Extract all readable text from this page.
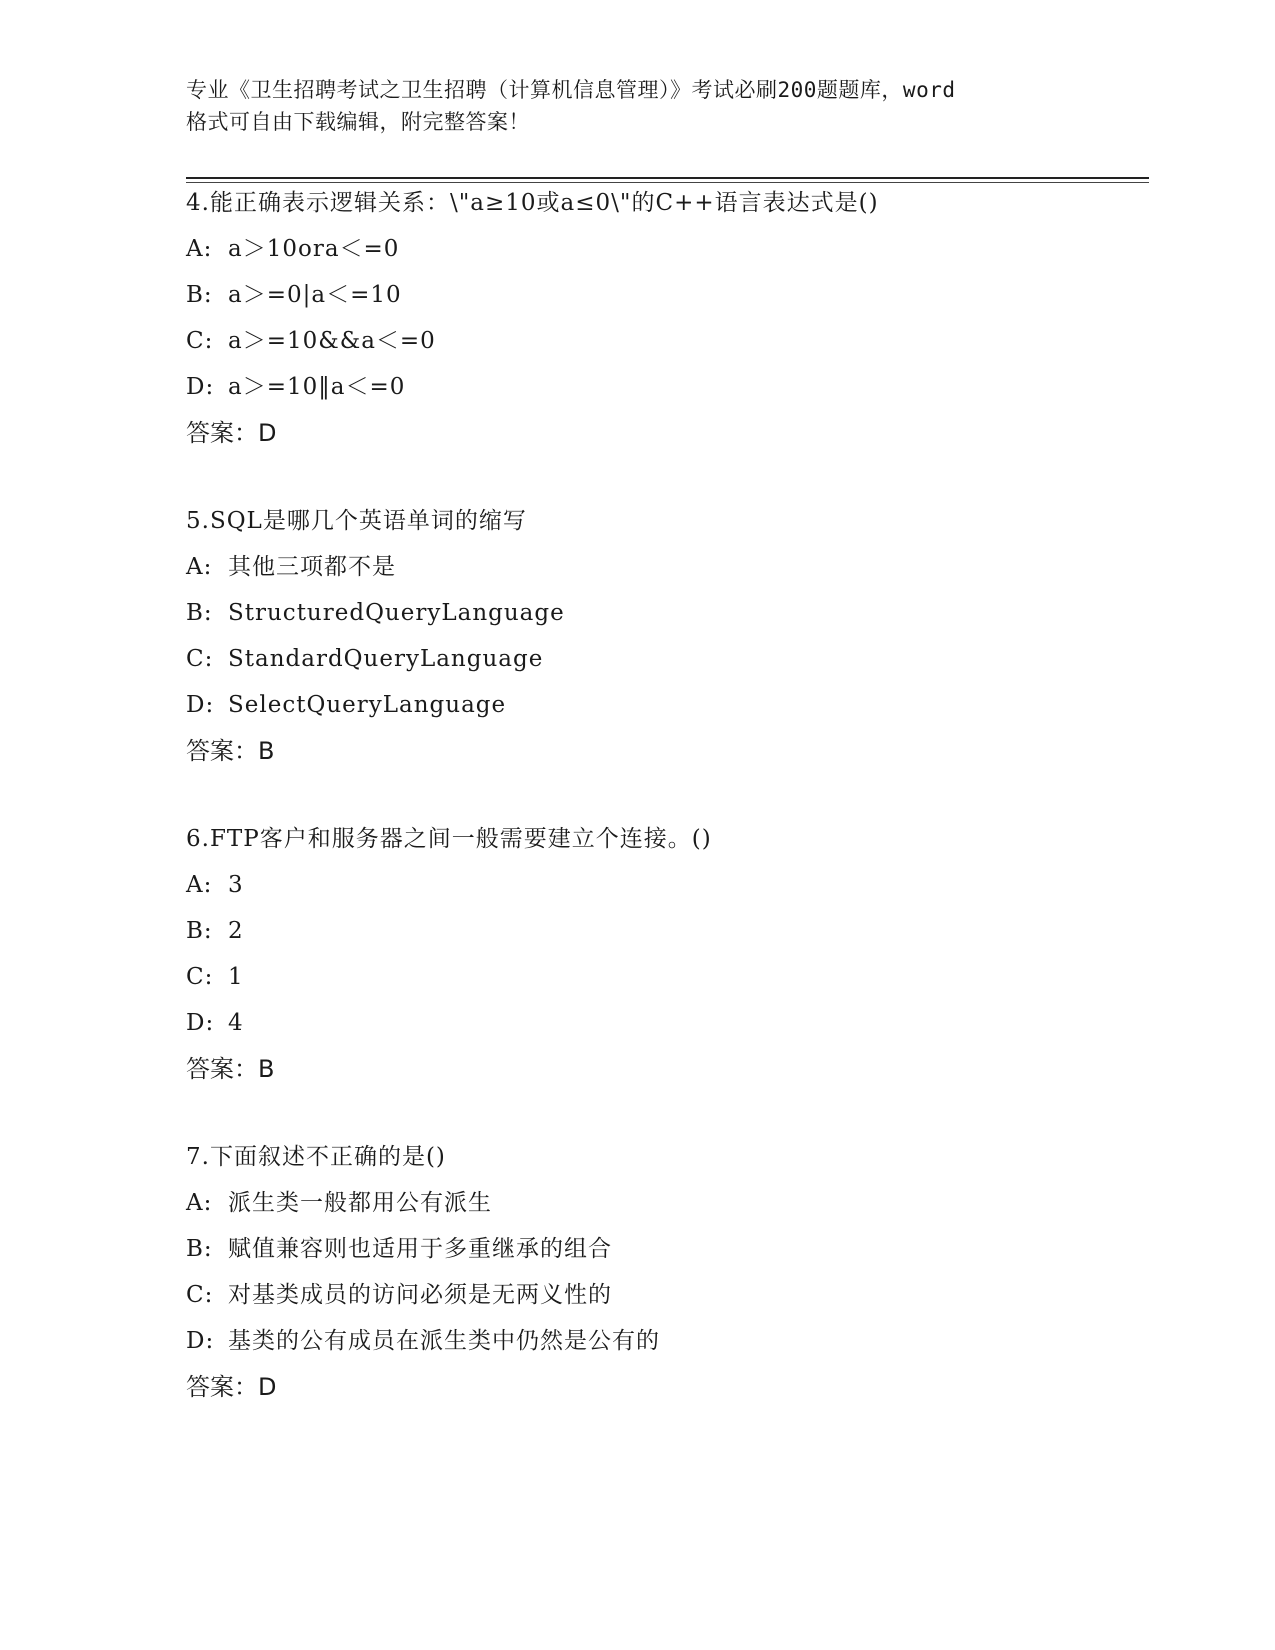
专业《卫生招聘考试之卫生招聘（计算机信息管理）》考试必刷200题题库，word
格式可自由下载编辑，附完整答案！
4.能正确表示逻辑关系：\"a≥10或a≤0\"的C++语言表达式是()
A: a＞10ora＜=0
B: a＞=0|a＜=10
C: a＞=10&&a＜=0
D: a＞=10‖a＜=0
答案：D
5.SQL是哪几个英语单词的缩写
A: 其他三项都不是
B: StructuredQueryLanguage
C: StandardQueryLanguage
D: SelectQueryLanguage
答案：B
6.FTP客户和服务器之间一般需要建立个连接。()
A: 3
B: 2
C: 1
D: 4
答案：B
7.下面叙述不正确的是()
A: 派生类一般都用公有派生
B: 赋值兼容则也适用于多重继承的组合
C: 对基类成员的访问必须是无两义性的
D: 基类的公有成员在派生类中仍然是公有的
答案：D
